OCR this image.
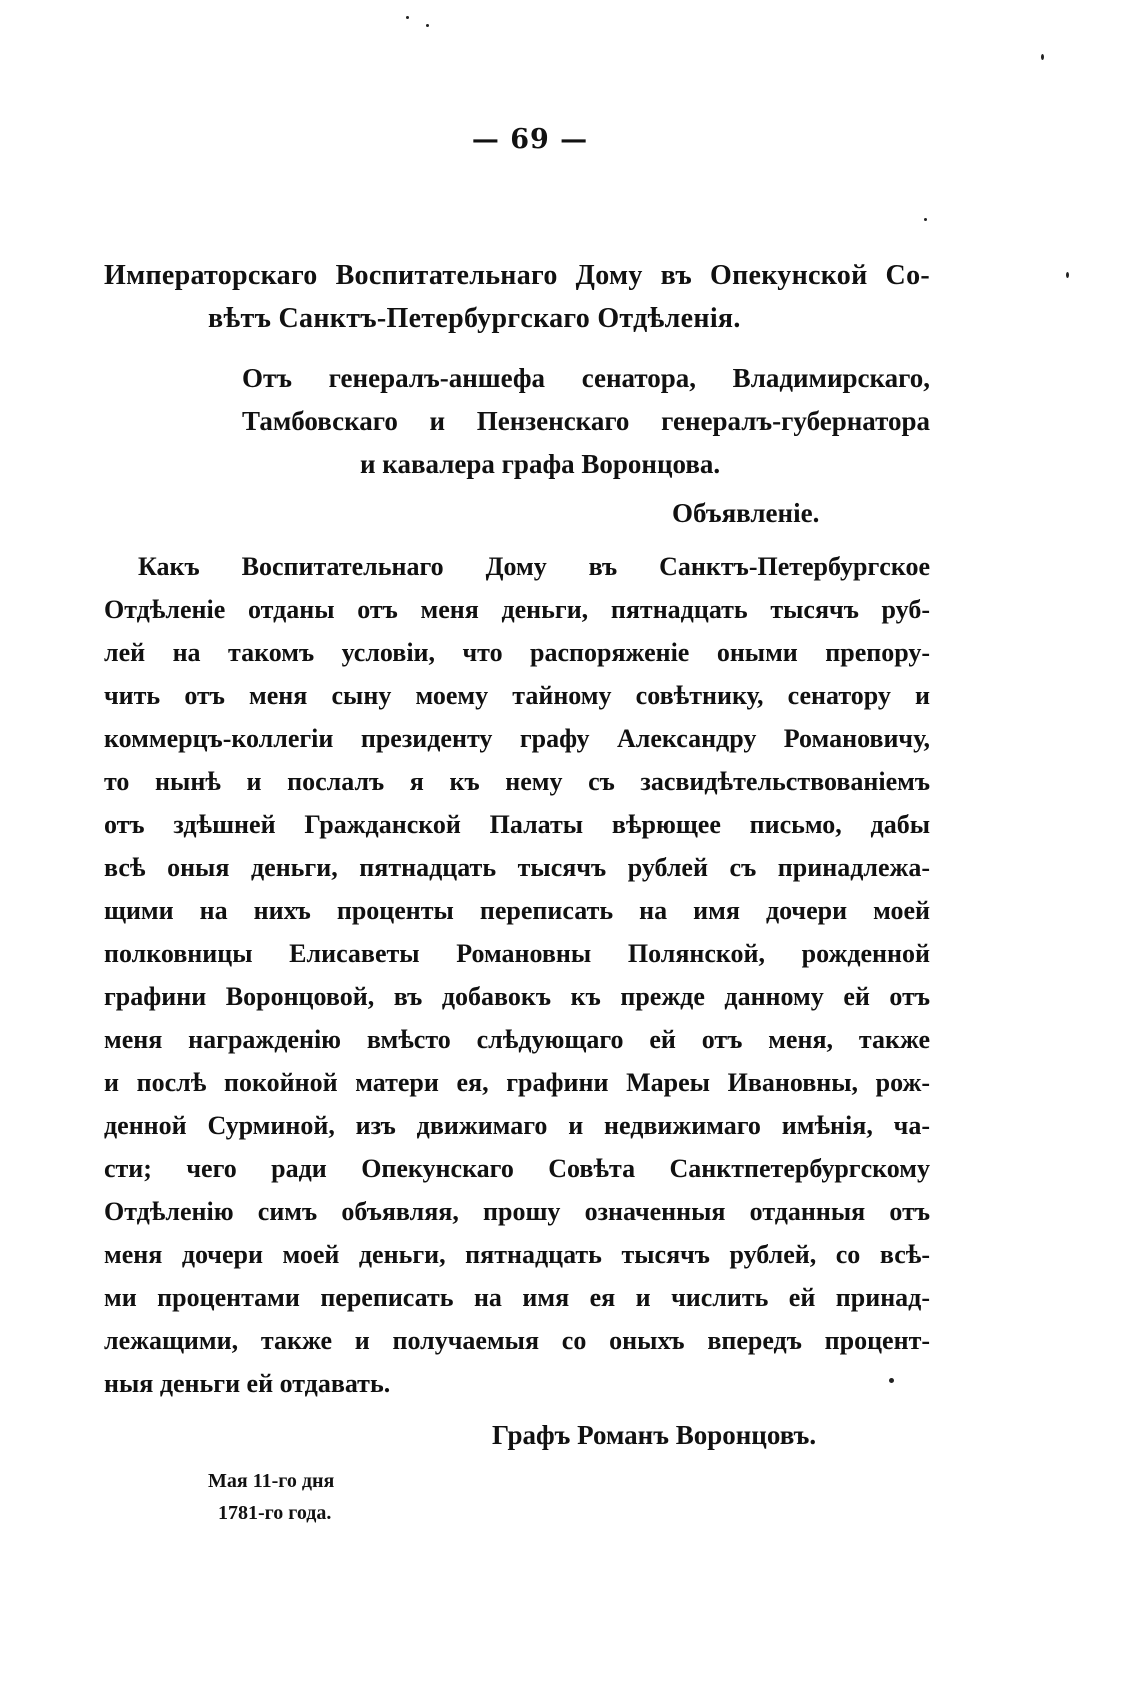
— 69 —
Императорскаго Воспитательнаго Дому въ Опекунской Со-
вѣтъ Санктъ-Петербургскаго Отдѣленія.
Отъ генералъ-аншефа сенатора, Владимирскаго,
Тамбовскаго и Пензенскаго генералъ-губернатора
и кавалера графа Воронцова.
Объявленіе.
Какъ Воспитательнаго Дому въ Санктъ-Петербургское
Отдѣленіе отданы отъ меня деньги, пятнадцать тысячъ руб-
лей на такомъ условіи, что распоряженіе оными препору-
чить отъ меня сыну моему тайному совѣтнику, сенатору и
коммерцъ-коллегіи президенту графу Александру Романовичу,
то нынѣ и послалъ я къ нему съ засвидѣтельствованіемъ
отъ здѣшней Гражданской Палаты вѣрющее письмо, дабы
всѣ оныя деньги, пятнадцать тысячъ рублей съ принадлежа-
щими на нихъ проценты переписать на имя дочери моей
полковницы Елисаветы Романовны Полянской, рожденной
графини Воронцовой, въ добавокъ къ прежде данному ей отъ
меня награжденію вмѣсто слѣдующаго ей отъ меня, также
и послѣ покойной матери ея, графини Мареы Ивановны, рож-
денной Сурминой, изъ движимаго и недвижимаго имѣнія, ча-
сти; чего ради Опекунскаго Совѣта Санктпетербургскому
Отдѣленію симъ объявляя, прошу означенныя отданныя отъ
меня дочери моей деньги, пятнадцать тысячъ рублей, со всѣ-
ми процентами переписать на имя ея и числить ей принад-
лежащими, также и получаемыя со оныхъ впередъ процент-
ныя деньги ей отдавать.
Графъ Романъ Воронцовъ.
Мая 11-го дня
1781-го года.
